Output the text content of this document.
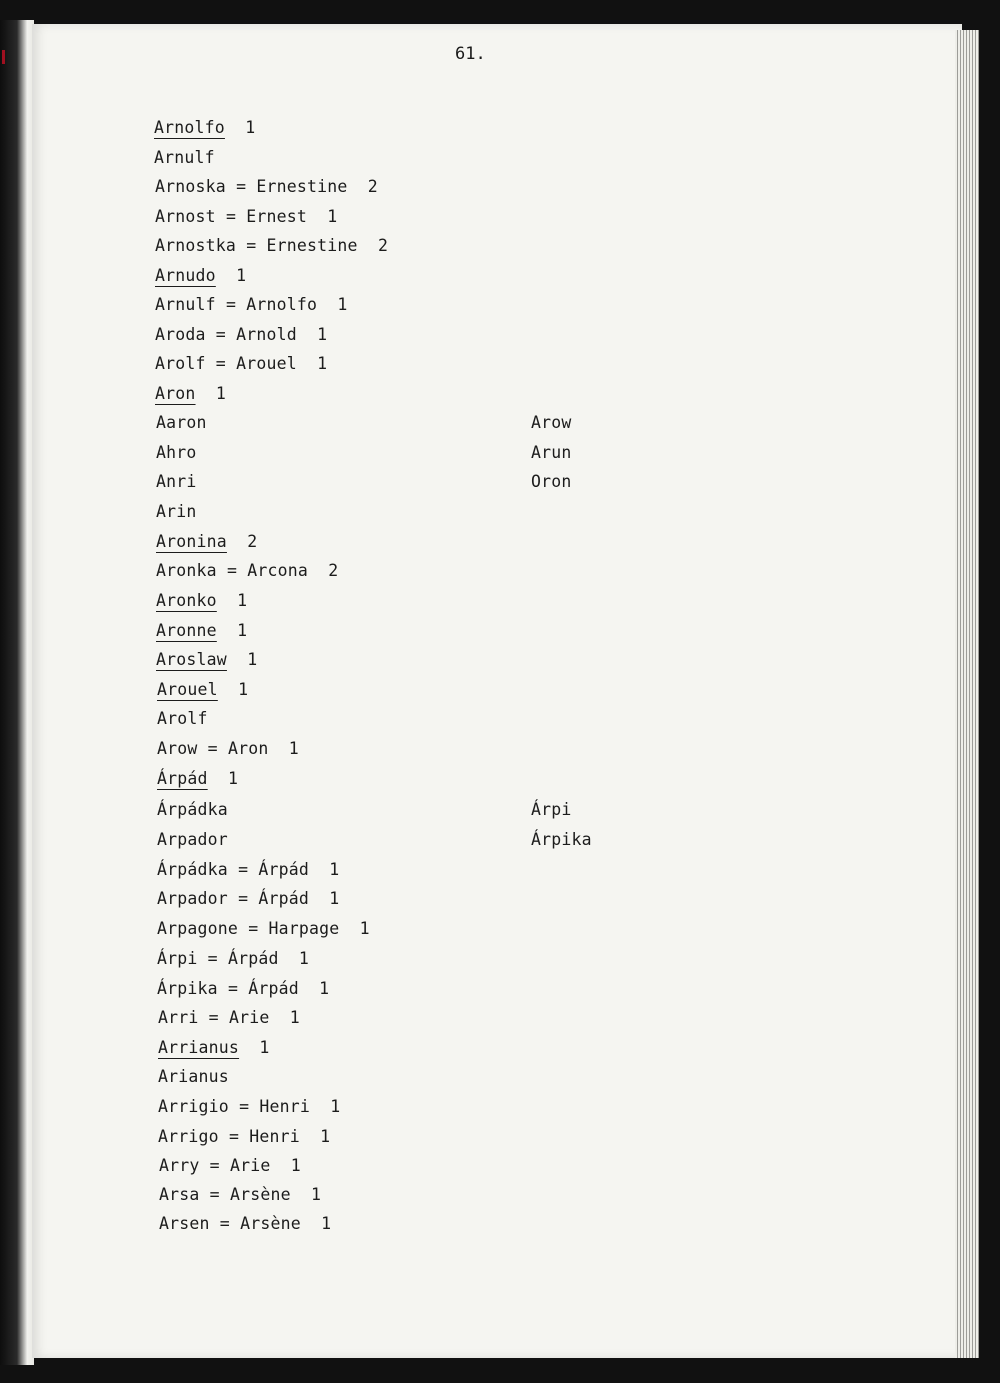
61.
Arnolfo  1
Arnulf
Arnoska = Ernestine  2
Arnost = Ernest  1
Arnostka = Ernestine  2
Arnudo  1
Arnulf = Arnolfo  1
Aroda = Arnold  1
Arolf = Arouel  1
Aron  1
Aaron
Ahro
Anri
Arin
Aronina  2
Aronka = Arcona  2
Aronko  1
Aronne  1
Aroslaw  1
Arouel  1
Arolf
Arow = Aron  1
Árpád  1
Árpádka
Arpador
Árpádka = Árpád  1
Arpador = Árpád  1
Arpagone = Harpage  1
Árpi = Árpád  1
Árpika = Árpád  1
Arri = Arie  1
Arrianus  1
Arianus
Arrigio = Henri  1
Arrigo = Henri  1
Arry = Arie  1
Arsa = Arsène  1
Arsen = Arsène  1
Arow
Arun
Oron
Árpi
Árpika
